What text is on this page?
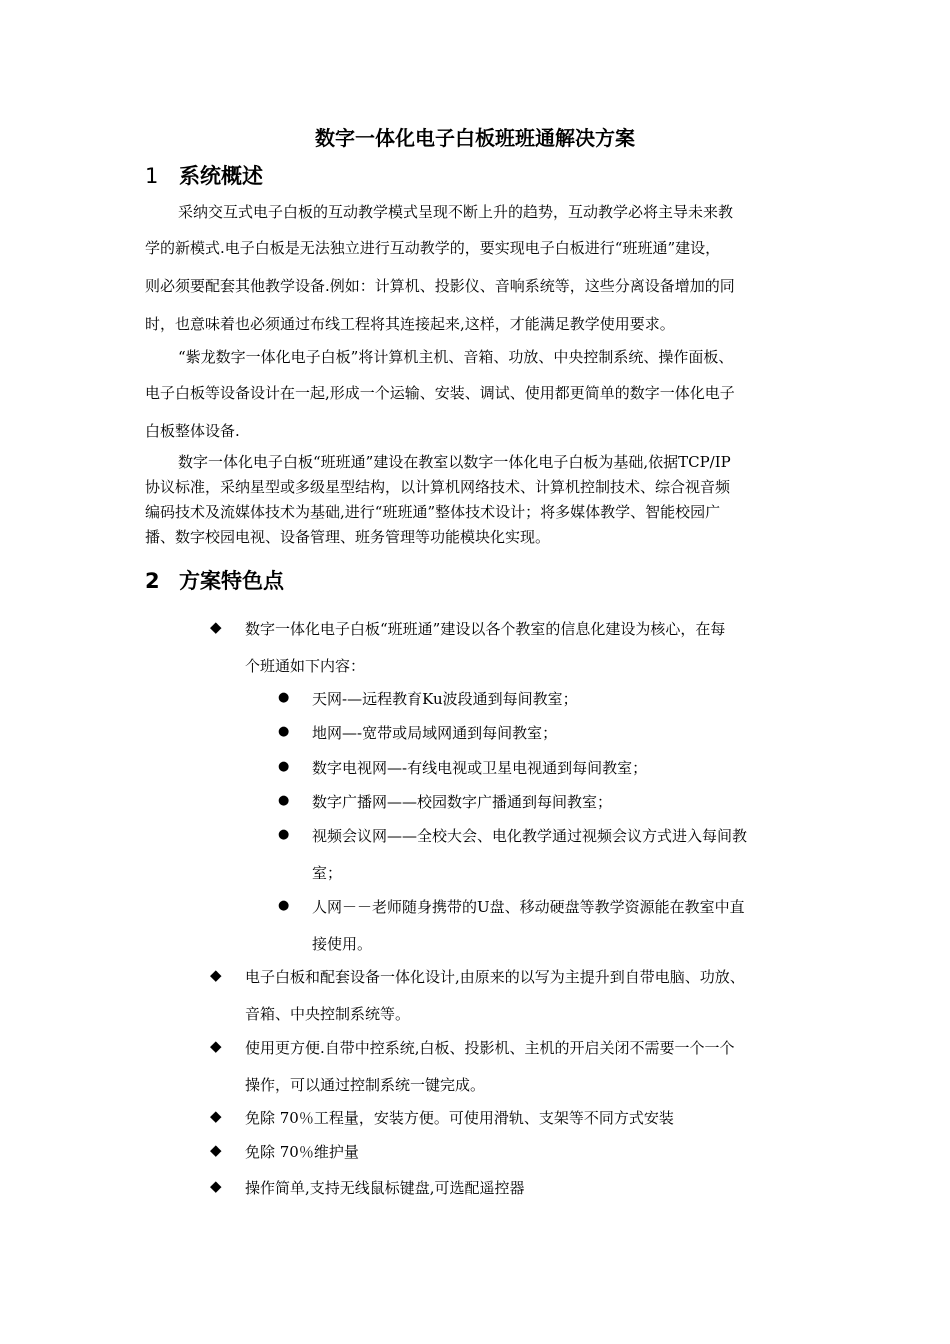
数字一体化电子白板班班通解决方案
1 系统概述
采纳交互式电子白板的互动教学模式呈现不断上升的趋势，互动教学必将主导未来教
学的新模式.电子白板是无法独立进行互动教学的，要实现电子白板进行“班班通”建设，
则必须要配套其他教学设备.例如：计算机、投影仪、音响系统等，这些分离设备增加的同
时，也意味着也必须通过布线工程将其连接起来,这样，才能满足教学使用要求。
“紫龙数字一体化电子白板”将计算机主机、音箱、功放、中央控制系统、操作面板、
电子白板等设备设计在一起,形成一个运输、安装、调试、使用都更简单的数字一体化电子
白板整体设备.
数字一体化电子白板“班班通”建设在教室以数字一体化电子白板为基础,依据TCP/IP
协议标准，采纳星型或多级星型结构，以计算机网络技术、计算机控制技术、综合视音频
编码技术及流媒体技术为基础,进行“班班通”整体技术设计；将多媒体教学、智能校园广
播、数字校园电视、设备管理、班务管理等功能模块化实现。
2 方案特色点
◆ 数字一体化电子白板“班班通”建设以各个教室的信息化建设为核心，在每
个班通如下内容：
● 天网-—远程教育Ku波段通到每间教室；
● 地网—-宽带或局域网通到每间教室；
● 数字电视网—-有线电视或卫星电视通到每间教室；
● 数字广播网——校园数字广播通到每间教室；
● 视频会议网——全校大会、电化教学通过视频会议方式进入每间教
室；
● 人网－－老师随身携带的U盘、移动硬盘等教学资源能在教室中直
接使用。
◆ 电子白板和配套设备一体化设计,由原来的以写为主提升到自带电脑、功放、
音箱、中央控制系统等。
◆ 使用更方便.自带中控系统,白板、投影机、主机的开启关闭不需要一个一个
操作，可以通过控制系统一键完成。
◆ 免除 70％工程量，安装方便。可使用滑轨、支架等不同方式安装
◆ 免除 70％维护量
◆ 操作简单,支持无线鼠标键盘,可选配遥控器
